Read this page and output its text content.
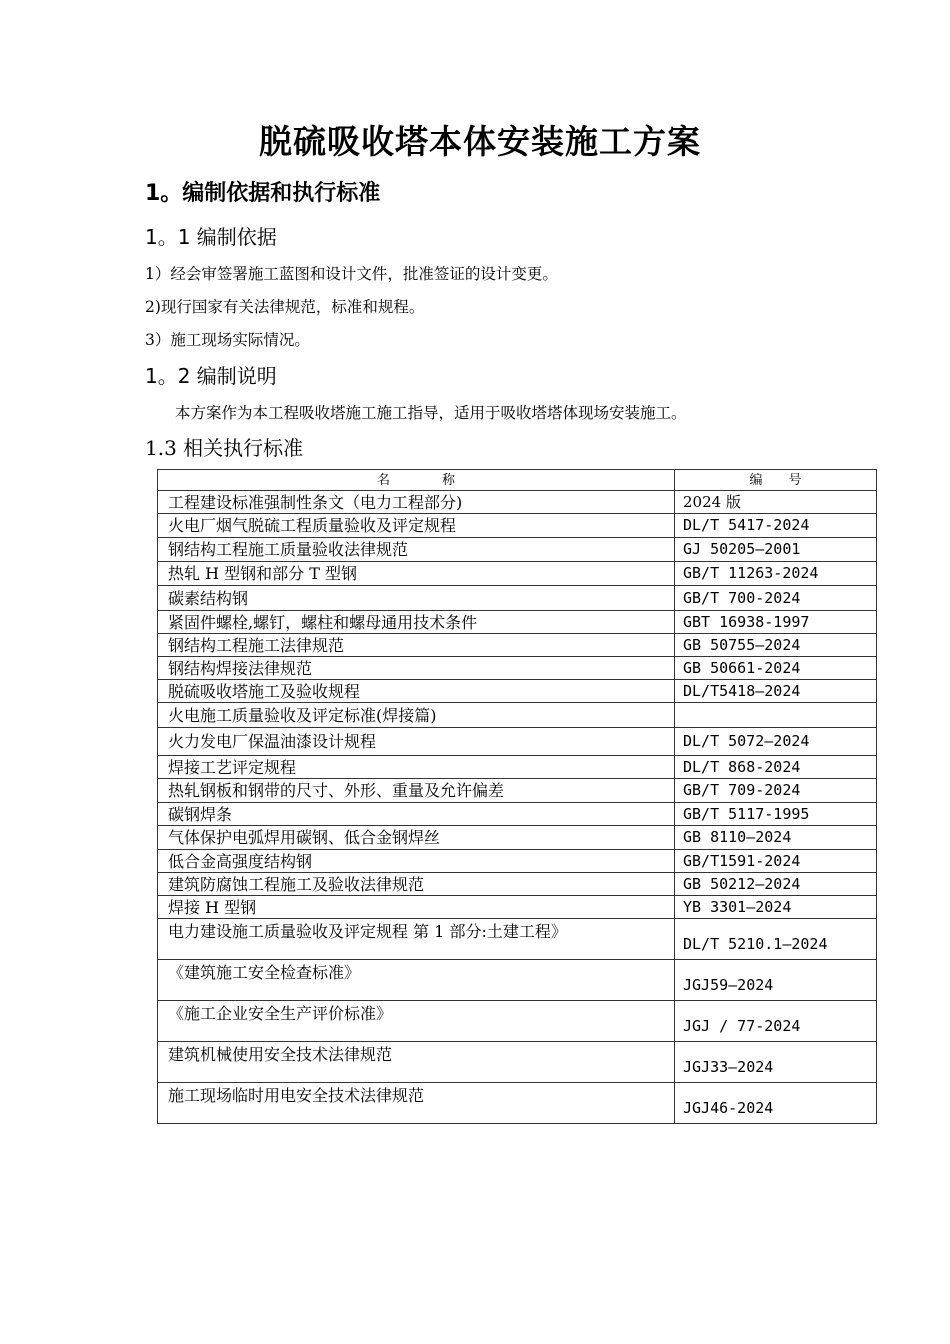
脱硫吸收塔本体安装施工方案
1。编制依据和执行标准
1。1 编制依据
1）经会审签署施工蓝图和设计文件，批准签证的设计变更。
2)现行国家有关法律规范，标准和规程。
3）施工现场实际情况。
1。2 编制说明
本方案作为本工程吸收塔施工施工指导，适用于吸收塔塔体现场安装施工。
1.3 相关执行标准
名　　　　称	编　　号
工程建设标准强制性条文（电力工程部分)	2024 版
火电厂烟气脱硫工程质量验收及评定规程	DL/T 5417-2024
钢结构工程施工质量验收法律规范	GJ 50205—2001
热轧 H 型钢和部分 T 型钢	GB/T 11263-2024
碳素结构钢	GB/T 700-2024
紧固件螺栓,螺钉，螺柱和螺母通用技术条件	GBT 16938-1997
钢结构工程施工法律规范	GB 50755—2024
钢结构焊接法律规范	GB 50661-2024
脱硫吸收塔施工及验收规程	DL/T5418—2024
火电施工质量验收及评定标准(焊接篇)	
火力发电厂保温油漆设计规程	DL/T 5072—2024
焊接工艺评定规程	DL/T 868-2024
热轧钢板和钢带的尺寸、外形、重量及允许偏差	GB/T 709-2024
碳钢焊条	GB/T 5117-1995
气体保护电弧焊用碳钢、低合金钢焊丝	GB 8110—2024
低合金高强度结构钢	GB/T1591-2024
建筑防腐蚀工程施工及验收法律规范	GB 50212—2024
焊接 H 型钢	YB 3301—2024
电力建设施工质量验收及评定规程 第 1 部分:土建工程》	DL/T 5210.1—2024
《建筑施工安全检查标准》	JGJ59—2024
《施工企业安全生产评价标准》	JGJ / 77-2024
建筑机械使用安全技术法律规范	JGJ33—2024
施工现场临时用电安全技术法律规范	JGJ46-2024
